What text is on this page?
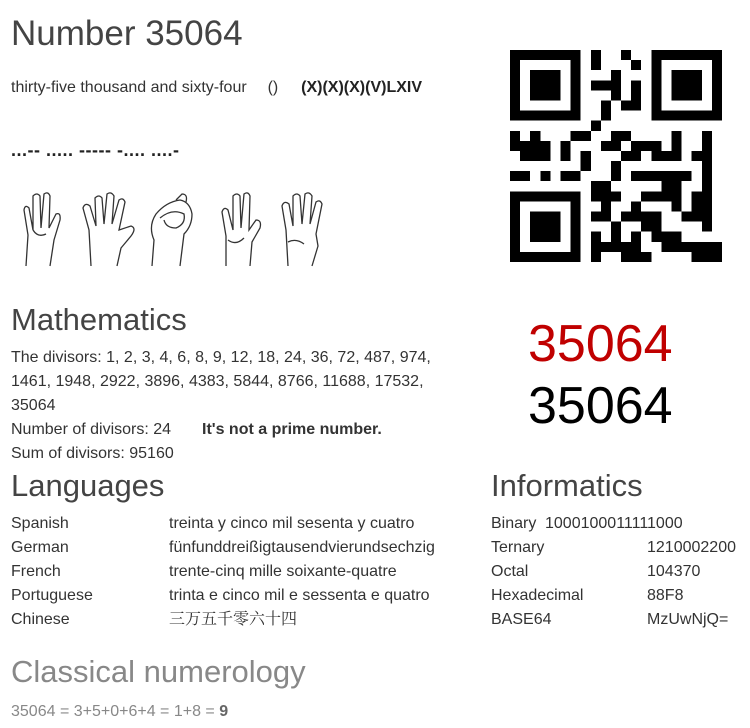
Number 35064
thirty-five thousand and sixty-four () (X)(X)(X)(V)LXIV
...-- ..... ----- -.... ....-
Mathematics
The divisors: 1, 2, 3, 4, 6, 8, 9, 12, 18, 24, 36, 72, 487, 974,
1461, 1948, 2922, 3896, 4383, 5844, 8766, 11688, 17532,
35064
Number of divisors: 24 It's not a prime number.
Sum of divisors: 95160
35064
35064
Languages
Spanish	treinta y cinco mil sesenta y cuatro
German	fünfunddreißigtausendvierundsechzig
French	trente-cinq mille soixante-quatre
Portuguese	trinta e cinco mil e sessenta e quatro
Chinese	三万五千零六十四
Informatics
Binary 1000100011111000
Ternary	1210002200
Octal	104370
Hexadecimal	88F8
BASE64	MzUwNjQ=
Classical numerology
35064 = 3+5+0+6+4 = 1+8 = 9
